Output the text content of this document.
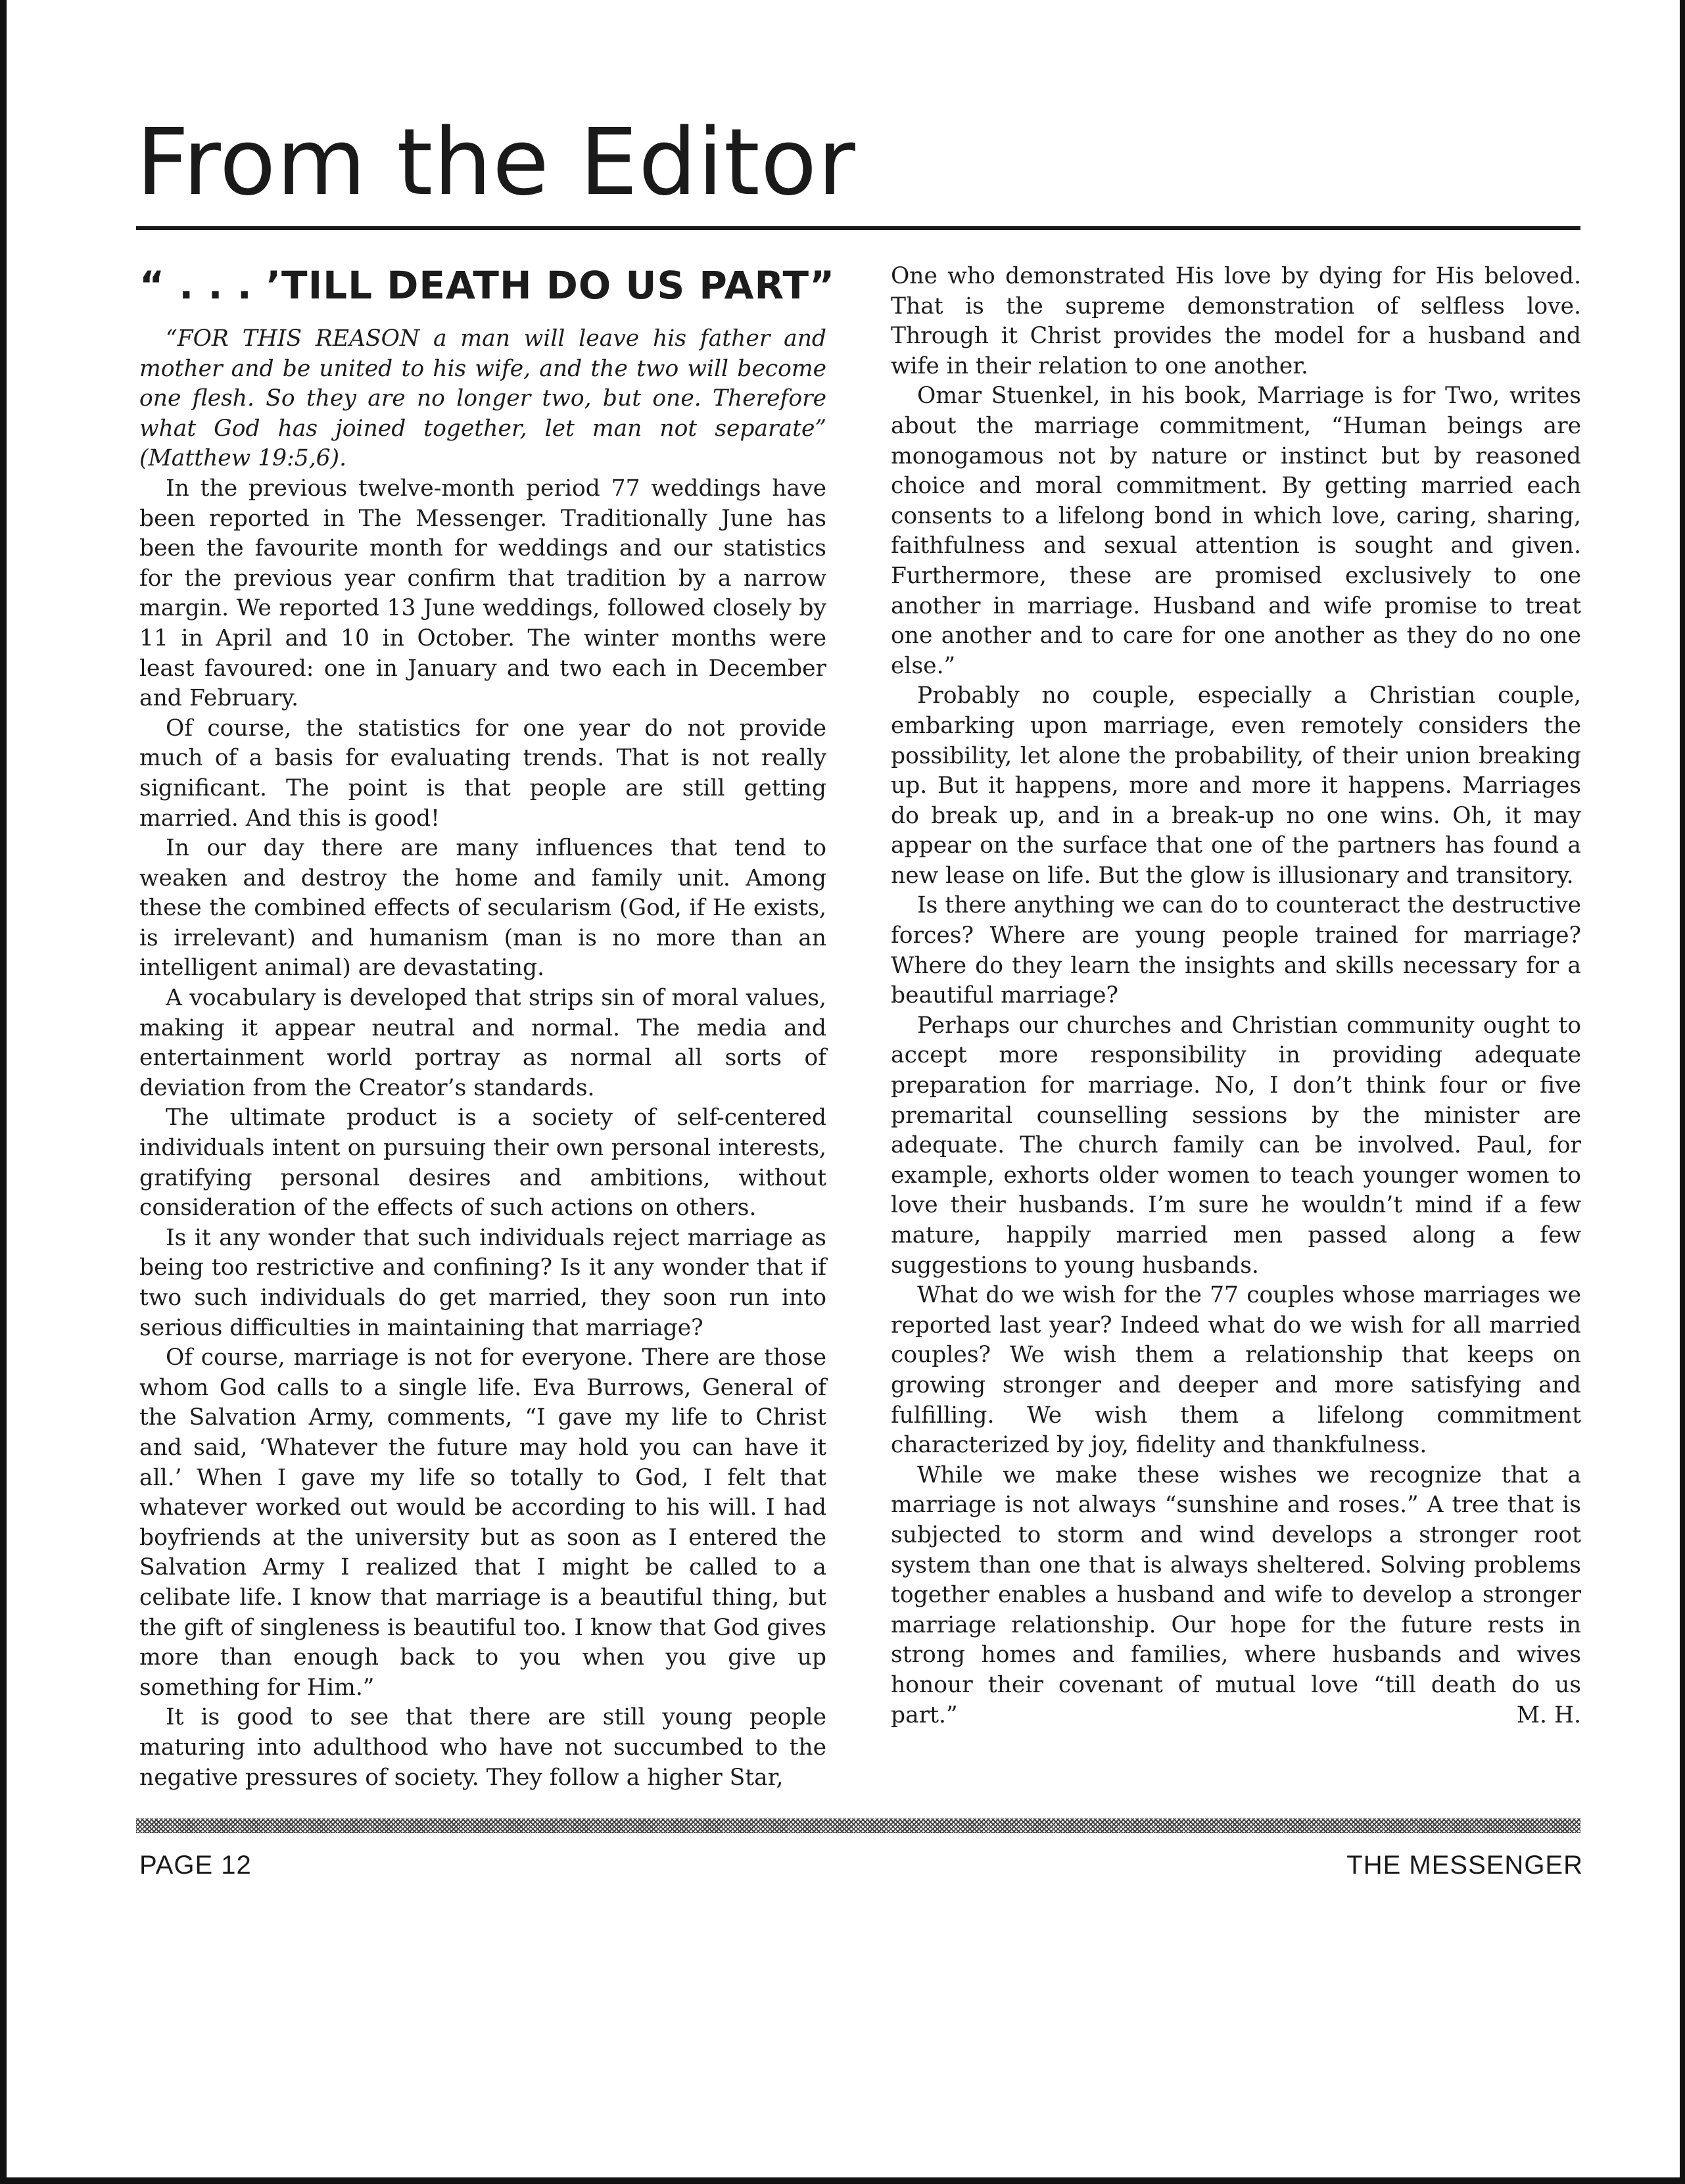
From the Editor
“ . . . ’TILL DEATH DO US PART”

“FOR THIS REASON a man will leave his father and mother and be united to his wife, and the two will become one flesh. So they are no longer two, but one. Therefore what God has joined together, let man not separate” (Matthew 19:5,6).

In the previous twelve-month period 77 weddings have been reported in The Messenger. Traditionally June has been the favourite month for weddings and our statistics for the previous year confirm that tradition by a narrow margin. We reported 13 June weddings, followed closely by 11 in April and 10 in October. The winter months were least favoured: one in January and two each in December and February.

Of course, the statistics for one year do not provide much of a basis for evaluating trends. That is not really significant. The point is that people are still getting married. And this is good!

In our day there are many influences that tend to weaken and destroy the home and family unit. Among these the combined effects of secularism (God, if He exists, is irrelevant) and humanism (man is no more than an intelligent animal) are devastating.

A vocabulary is developed that strips sin of moral values, making it appear neutral and normal. The media and entertainment world portray as normal all sorts of deviation from the Creator’s standards.

The ultimate product is a society of self-centered individuals intent on pursuing their own personal interests, gratifying personal desires and ambitions, without consideration of the effects of such actions on others.

Is it any wonder that such individuals reject marriage as being too restrictive and confining? Is it any wonder that if two such individuals do get married, they soon run into serious difficulties in maintaining that marriage?

Of course, marriage is not for everyone. There are those whom God calls to a single life. Eva Burrows, General of the Salvation Army, comments, “I gave my life to Christ and said, ‘Whatever the future may hold you can have it all.’ When I gave my life so totally to God, I felt that whatever worked out would be according to his will. I had boyfriends at the university but as soon as I entered the Salvation Army I realized that I might be called to a celibate life. I know that marriage is a beautiful thing, but the gift of singleness is beautiful too. I know that God gives more than enough back to you when you give up something for Him.”

It is good to see that there are still young people maturing into adulthood who have not succumbed to the negative pressures of society. They follow a higher Star,

One who demonstrated His love by dying for His beloved. That is the supreme demonstration of selfless love. Through it Christ provides the model for a husband and wife in their relation to one another.

Omar Stuenkel, in his book, Marriage is for Two, writes about the marriage commitment, “Human beings are monogamous not by nature or instinct but by reasoned choice and moral commitment. By getting married each consents to a lifelong bond in which love, caring, sharing, faithfulness and sexual attention is sought and given. Furthermore, these are promised exclusively to one another in marriage. Husband and wife promise to treat one another and to care for one another as they do no one else.”

Probably no couple, especially a Christian couple, embarking upon marriage, even remotely considers the possibility, let alone the probability, of their union breaking up. But it happens, more and more it happens. Marriages do break up, and in a break-up no one wins. Oh, it may appear on the surface that one of the partners has found a new lease on life. But the glow is illusionary and transitory.

Is there anything we can do to counteract the destructive forces? Where are young people trained for marriage? Where do they learn the insights and skills necessary for a beautiful marriage?

Perhaps our churches and Christian community ought to accept more responsibility in providing adequate preparation for marriage. No, I don’t think four or five premarital counselling sessions by the minister are adequate. The church family can be involved. Paul, for example, exhorts older women to teach younger women to love their husbands. I’m sure he wouldn’t mind if a few mature, happily married men passed along a few suggestions to young husbands.

What do we wish for the 77 couples whose marriages we reported last year? Indeed what do we wish for all married couples? We wish them a relationship that keeps on growing stronger and deeper and more satisfying and fulfilling. We wish them a lifelong commitment characterized by joy, fidelity and thankfulness.

While we make these wishes we recognize that a marriage is not always “sunshine and roses.” A tree that is subjected to storm and wind develops a stronger root system than one that is always sheltered. Solving problems together enables a husband and wife to develop a stronger marriage relationship. Our hope for the future rests in strong homes and families, where husbands and wives honour their covenant of mutual love “till death do us part.”	M. H.

PAGE 12	THE MESSENGER
